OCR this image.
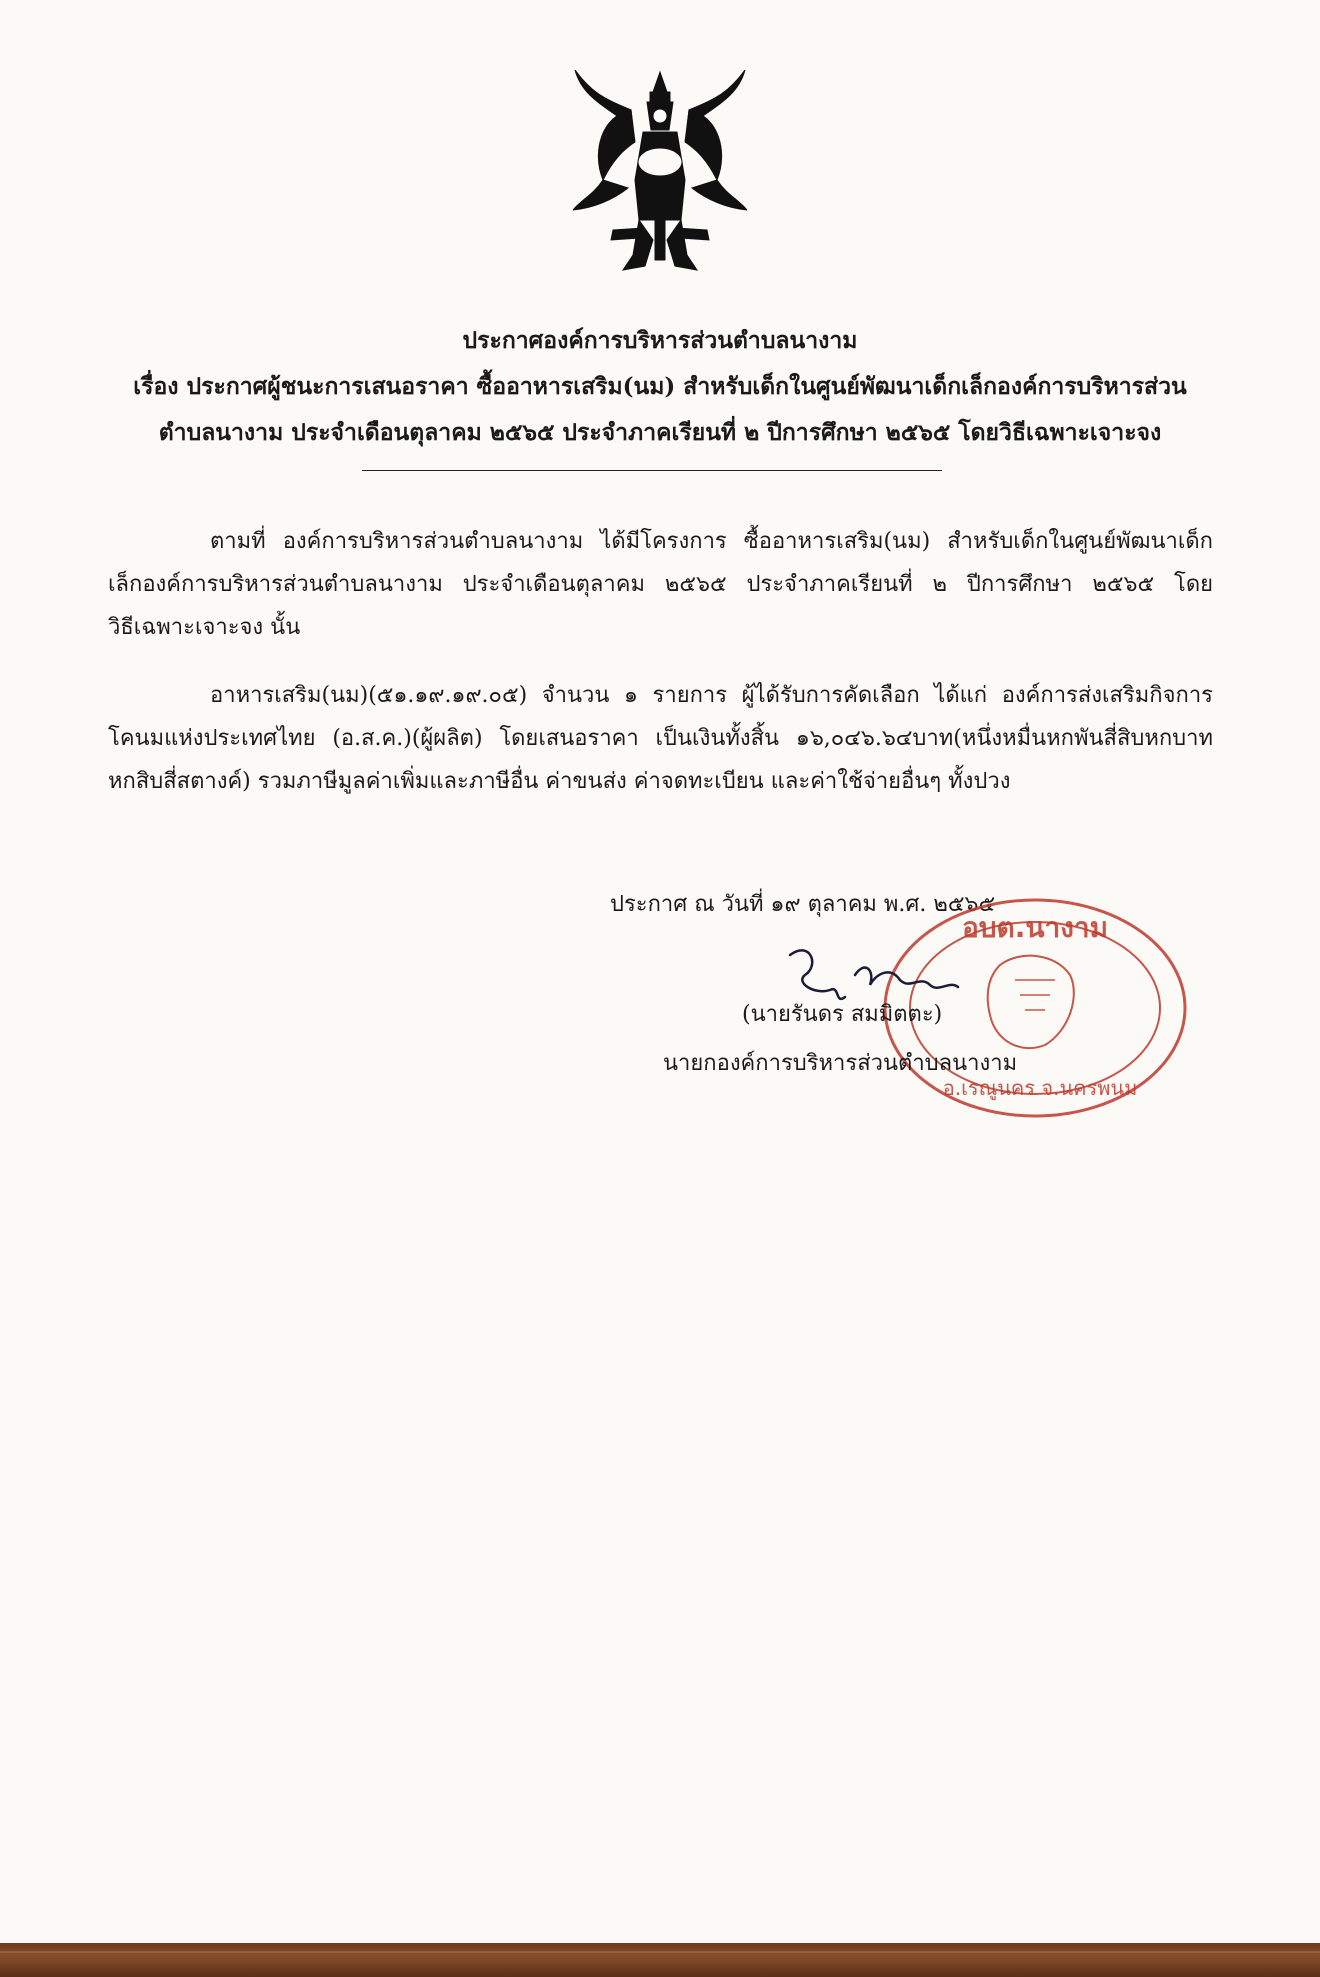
ประกาศองค์การบริหารส่วนตำบลนางาม
เรื่อง ประกาศผู้ชนะการเสนอราคา ซื้ออาหารเสริม(นม) สำหรับเด็กในศูนย์พัฒนาเด็กเล็กองค์การบริหารส่วน
ตำบลนางาม ประจำเดือนตุลาคม ๒๕๖๕ ประจำภาคเรียนที่ ๒ ปีการศึกษา ๒๕๖๕ โดยวิธีเฉพาะเจาะจง
ตามที่ องค์การบริหารส่วนตำบลนางาม ได้มีโครงการ ซื้ออาหารเสริม(นม) สำหรับเด็กในศูนย์พัฒนาเด็ก
เล็กองค์การบริหารส่วนตำบลนางาม ประจำเดือนตุลาคม ๒๕๖๕ ประจำภาคเรียนที่ ๒ ปีการศึกษา ๒๕๖๕ โดย
วิธีเฉพาะเจาะจง นั้น
อาหารเสริม(นม)(๕๑.๑๙.๑๙.๐๕) จำนวน ๑ รายการ ผู้ได้รับการคัดเลือก ได้แก่ องค์การส่งเสริมกิจการ
โคนมแห่งประเทศไทย (อ.ส.ค.)(ผู้ผลิต) โดยเสนอราคา เป็นเงินทั้งสิ้น ๑๖,๐๔๖.๖๔บาท(หนึ่งหมื่นหกพันสี่สิบหกบาท
หกสิบสี่สตางค์) รวมภาษีมูลค่าเพิ่มและภาษีอื่น ค่าขนส่ง ค่าจดทะเบียน และค่าใช้จ่ายอื่นๆ ทั้งปวง
ประกาศ ณ วันที่ ๑๙ ตุลาคม พ.ศ. ๒๕๖๕
อบต.นางาม
อ.เรณูนคร จ.นครพนม
(นายรันดร สมมิตตะ)
นายกองค์การบริหารส่วนตำบลนางาม
